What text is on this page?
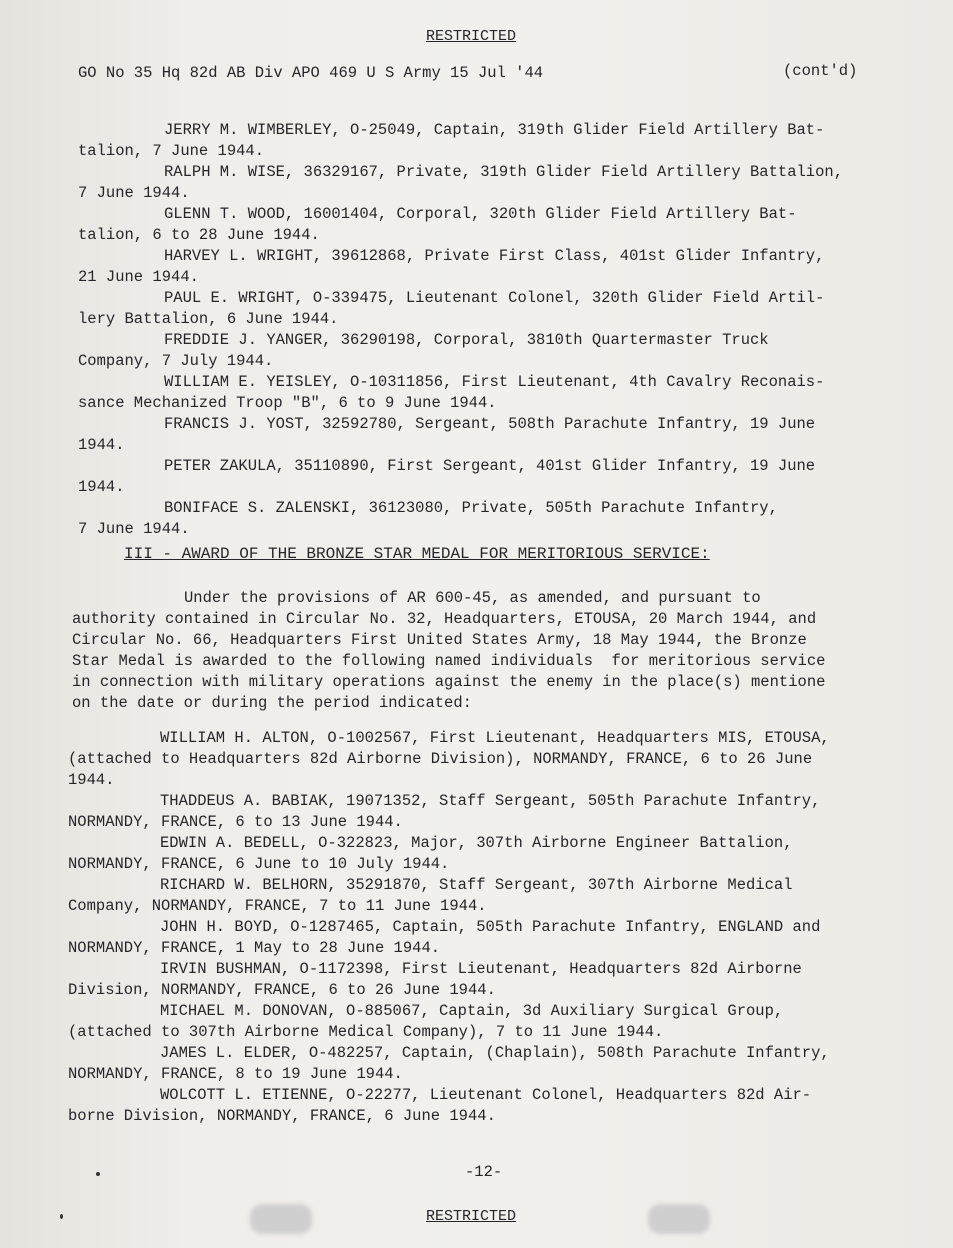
RESTRICTED
GO No 35 Hq 82d AB Div APO 469 U S Army 15 Jul '44	(cont'd)
JERRY M. WIMBERLEY, O-25049, Captain, 319th Glider Field Artillery Bat-
talion, 7 June 1944.
RALPH M. WISE, 36329167, Private, 319th Glider Field Artillery Battalion,
7 June 1944.
GLENN T. WOOD, 16001404, Corporal, 320th Glider Field Artillery Bat-
talion, 6 to 28 June 1944.
HARVEY L. WRIGHT, 39612868, Private First Class, 401st Glider Infantry,
21 June 1944.
PAUL E. WRIGHT, O-339475, Lieutenant Colonel, 320th Glider Field Artil-
lery Battalion, 6 June 1944.
FREDDIE J. YANGER, 36290198, Corporal, 3810th Quartermaster Truck
Company, 7 July 1944.
WILLIAM E. YEISLEY, O-10311856, First Lieutenant, 4th Cavalry Reconais-
sance Mechanized Troop "B", 6 to 9 June 1944.
FRANCIS J. YOST, 32592780, Sergeant, 508th Parachute Infantry, 19 June
1944.
PETER ZAKULA, 35110890, First Sergeant, 401st Glider Infantry, 19 June
1944.
BONIFACE S. ZALENSKI, 36123080, Private, 505th Parachute Infantry,
7 June 1944.
III - AWARD OF THE BRONZE STAR MEDAL FOR MERITORIOUS SERVICE:
Under the provisions of AR 600-45, as amended, and pursuant to
authority contained in Circular No. 32, Headquarters, ETOUSA, 20 March 1944, and
Circular No. 66, Headquarters First United States Army, 18 May 1944, the Bronze
Star Medal is awarded to the following named individuals  for meritorious service
in connection with military operations against the enemy in the place(s) mentione
on the date or during the period indicated:
WILLIAM H. ALTON, O-1002567, First Lieutenant, Headquarters MIS, ETOUSA,
(attached to Headquarters 82d Airborne Division), NORMANDY, FRANCE, 6 to 26 June
1944.
THADDEUS A. BABIAK, 19071352, Staff Sergeant, 505th Parachute Infantry,
NORMANDY, FRANCE, 6 to 13 June 1944.
EDWIN A. BEDELL, O-322823, Major, 307th Airborne Engineer Battalion,
NORMANDY, FRANCE, 6 June to 10 July 1944.
RICHARD W. BELHORN, 35291870, Staff Sergeant, 307th Airborne Medical
Company, NORMANDY, FRANCE, 7 to 11 June 1944.
JOHN H. BOYD, O-1287465, Captain, 505th Parachute Infantry, ENGLAND and
NORMANDY, FRANCE, 1 May to 28 June 1944.
IRVIN BUSHMAN, O-1172398, First Lieutenant, Headquarters 82d Airborne
Division, NORMANDY, FRANCE, 6 to 26 June 1944.
MICHAEL M. DONOVAN, O-885067, Captain, 3d Auxiliary Surgical Group,
(attached to 307th Airborne Medical Company), 7 to 11 June 1944.
JAMES L. ELDER, O-482257, Captain, (Chaplain), 508th Parachute Infantry,
NORMANDY, FRANCE, 8 to 19 June 1944.
WOLCOTT L. ETIENNE, O-22277, Lieutenant Colonel, Headquarters 82d Air-
borne Division, NORMANDY, FRANCE, 6 June 1944.
-12-
RESTRICTED
